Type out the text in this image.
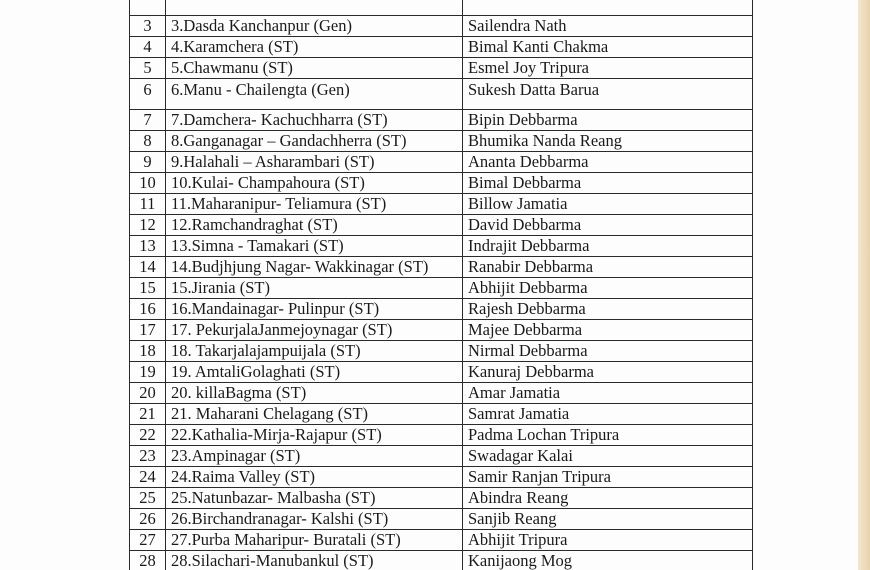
3	3.Dasda Kanchanpur (Gen)	Sailendra Nath
4	4.Karamchera (ST)	Bimal Kanti Chakma
5	5.Chawmanu (ST)	Esmel Joy Tripura
6	6.Manu - Chailengta (Gen)	Sukesh Datta Barua
7	7.Damchera- Kachuchharra (ST)	Bipin Debbarma
8	8.Ganganagar – Gandachherra (ST)	Bhumika Nanda Reang
9	9.Halahali – Asharambari (ST)	Ananta Debbarma
10	10.Kulai- Champahoura (ST)	Bimal Debbarma
11	11.Maharanipur- Teliamura (ST)	Billow Jamatia
12	12.Ramchandraghat (ST)	David Debbarma
13	13.Simna - Tamakari (ST)	Indrajit Debbarma
14	14.Budjhjung Nagar- Wakkinagar (ST)	Ranabir Debbarma
15	15.Jirania (ST)	Abhijit Debbarma
16	16.Mandainagar- Pulinpur (ST)	Rajesh Debbarma
17	17. PekurjalaJanmejoynagar (ST)	Majee Debbarma
18	18. Takarjalajampuijala (ST)	Nirmal Debbarma
19	19. AmtaliGolaghati (ST)	Kanuraj Debbarma
20	20. killaBagma (ST)	Amar Jamatia
21	21. Maharani Chelagang (ST)	Samrat Jamatia
22	22.Kathalia-Mirja-Rajapur (ST)	Padma Lochan Tripura
23	23.Ampinagar (ST)	Swadagar Kalai
24	24.Raima Valley (ST)	Samir Ranjan Tripura
25	25.Natunbazar- Malbasha (ST)	Abindra Reang
26	26.Birchandranagar- Kalshi (ST)	Sanjib Reang
27	27.Purba Maharipur- Buratali (ST)	Abhijit Tripura
28	28.Silachari-Manubankul (ST)	Kanijaong Mog
